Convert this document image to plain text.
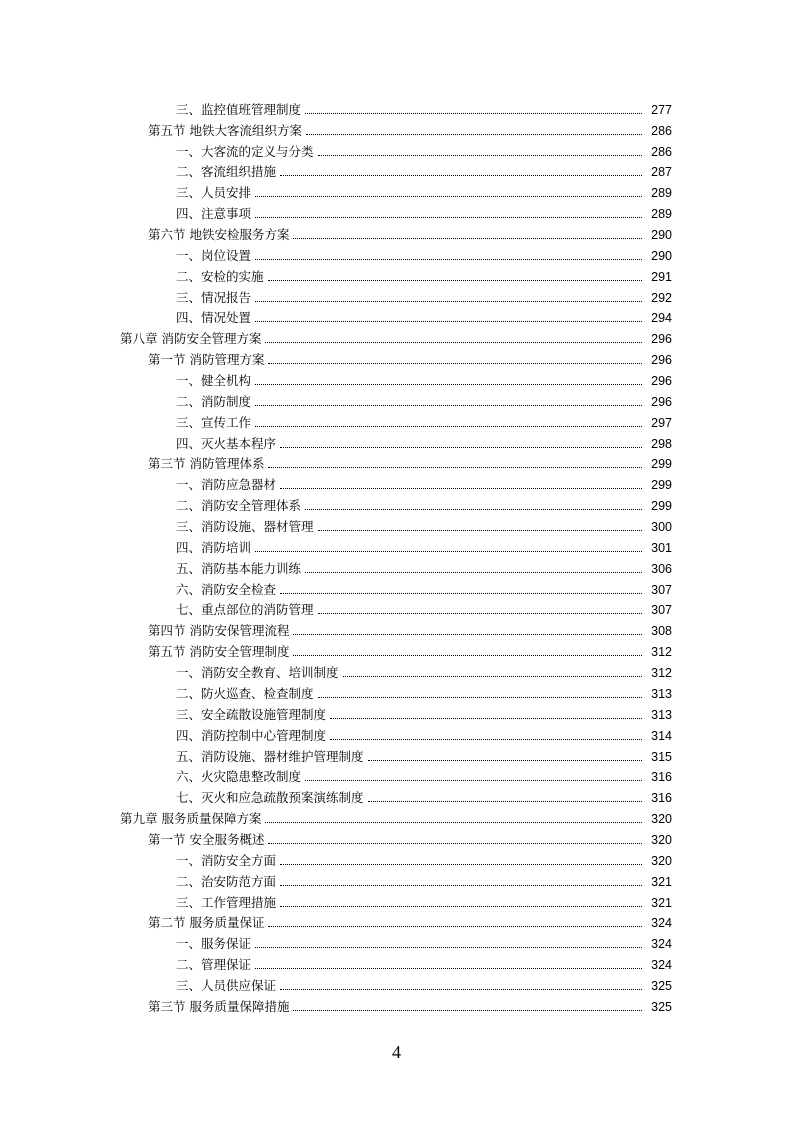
三、监控值班管理制度	277
第五节 地铁大客流组织方案	286
一、大客流的定义与分类	286
二、客流组织措施	287
三、人员安排	289
四、注意事项	289
第六节 地铁安检服务方案	290
一、岗位设置	290
二、安检的实施	291
三、情况报告	292
四、情况处置	294
第八章 消防安全管理方案	296
第一节 消防管理方案	296
一、健全机构	296
二、消防制度	296
三、宣传工作	297
四、灭火基本程序	298
第三节 消防管理体系	299
一、消防应急器材	299
二、消防安全管理体系	299
三、消防设施、器材管理	300
四、消防培训	301
五、消防基本能力训练	306
六、消防安全检查	307
七、重点部位的消防管理	307
第四节 消防安保管理流程	308
第五节 消防安全管理制度	312
一、消防安全教育、培训制度	312
二、防火巡查、检查制度	313
三、安全疏散设施管理制度	313
四、消防控制中心管理制度	314
五、消防设施、器材维护管理制度	315
六、火灾隐患整改制度	316
七、灭火和应急疏散预案演练制度	316
第九章 服务质量保障方案	320
第一节 安全服务概述	320
一、消防安全方面	320
二、治安防范方面	321
三、工作管理措施	321
第二节 服务质量保证	324
一、服务保证	324
二、管理保证	324
三、人员供应保证	325
第三节 服务质量保障措施	325
4
